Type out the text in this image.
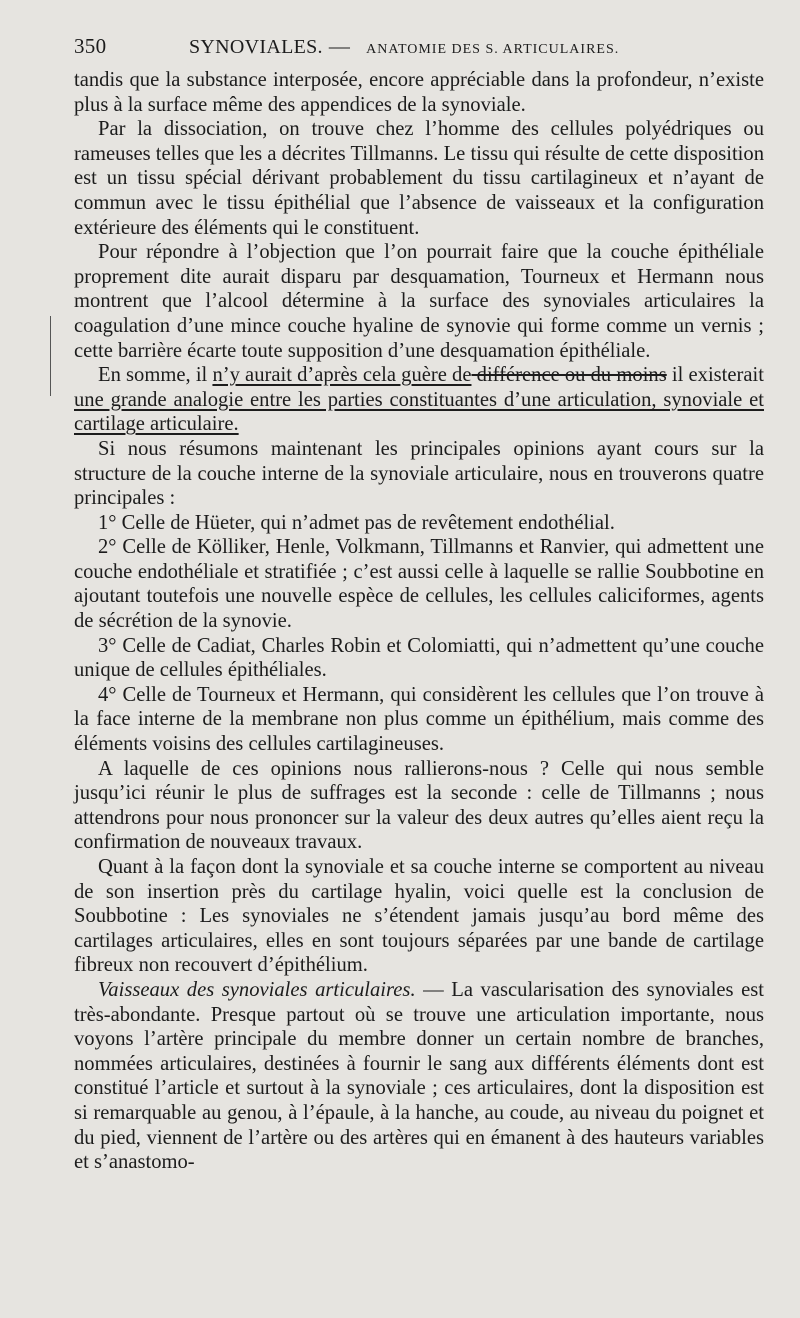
350	SYNOVIALES. — ANATOMIE DES S. ARTICULAIRES.

tandis que la substance interposée, encore appréciable dans la profondeur, n’existe plus à la surface même des appendices de la synoviale.

Par la dissociation, on trouve chez l’homme des cellules polyédriques ou rameuses telles que les a décrites Tillmanns. Le tissu qui résulte de cette disposition est un tissu spécial dérivant probablement du tissu cartilagineux et n’ayant de commun avec le tissu épithélial que l’absence de vaisseaux et la configuration extérieure des éléments qui le constituent.

Pour répondre à l’objection que l’on pourrait faire que la couche épithéliale proprement dite aurait disparu par desquamation, Tourneux et Hermann nous montrent que l’alcool détermine à la surface des synoviales articulaires la coagulation d’une mince couche hyaline de synovie qui forme comme un vernis ; cette barrière écarte toute supposition d’une desquamation épithéliale.

En somme, il n’y aurait d’après cela guère de différence ou du moins il existerait une grande analogie entre les parties constituantes d’une articulation, synoviale et cartilage articulaire.

Si nous résumons maintenant les principales opinions ayant cours sur la structure de la couche interne de la synoviale articulaire, nous en trouverons quatre principales :

1° Celle de Hüeter, qui n’admet pas de revêtement endothélial.

2° Celle de Kölliker, Henle, Volkmann, Tillmanns et Ranvier, qui admettent une couche endothéliale et stratifiée ; c’est aussi celle à laquelle se rallie Soubbotine en ajoutant toutefois une nouvelle espèce de cellules, les cellules caliciformes, agents de sécrétion de la synovie.

3° Celle de Cadiat, Charles Robin et Colomiatti, qui n’admettent qu’une couche unique de cellules épithéliales.

4° Celle de Tourneux et Hermann, qui considèrent les cellules que l’on trouve à la face interne de la membrane non plus comme un épithélium, mais comme des éléments voisins des cellules cartilagineuses.

A laquelle de ces opinions nous rallierons-nous ? Celle qui nous semble jusqu’ici réunir le plus de suffrages est la seconde : celle de Tillmanns ; nous attendrons pour nous prononcer sur la valeur des deux autres qu’elles aient reçu la confirmation de nouveaux travaux.

Quant à la façon dont la synoviale et sa couche interne se comportent au niveau de son insertion près du cartilage hyalin, voici quelle est la conclusion de Soubbotine : Les synoviales ne s’étendent jamais jusqu’au bord même des cartilages articulaires, elles en sont toujours séparées par une bande de cartilage fibreux non recouvert d’épithélium.

Vaisseaux des synoviales articulaires. — La vascularisation des synoviales est très-abondante. Presque partout où se trouve une articulation importante, nous voyons l’artère principale du membre donner un certain nombre de branches, nommées articulaires, destinées à fournir le sang aux différents éléments dont est constitué l’article et surtout à la synoviale ; ces articulaires, dont la disposition est si remarquable au genou, à l’épaule, à la hanche, au coude, au niveau du poignet et du pied, viennent de l’artère ou des artères qui en émanent à des hauteurs variables et s’anastomo-
